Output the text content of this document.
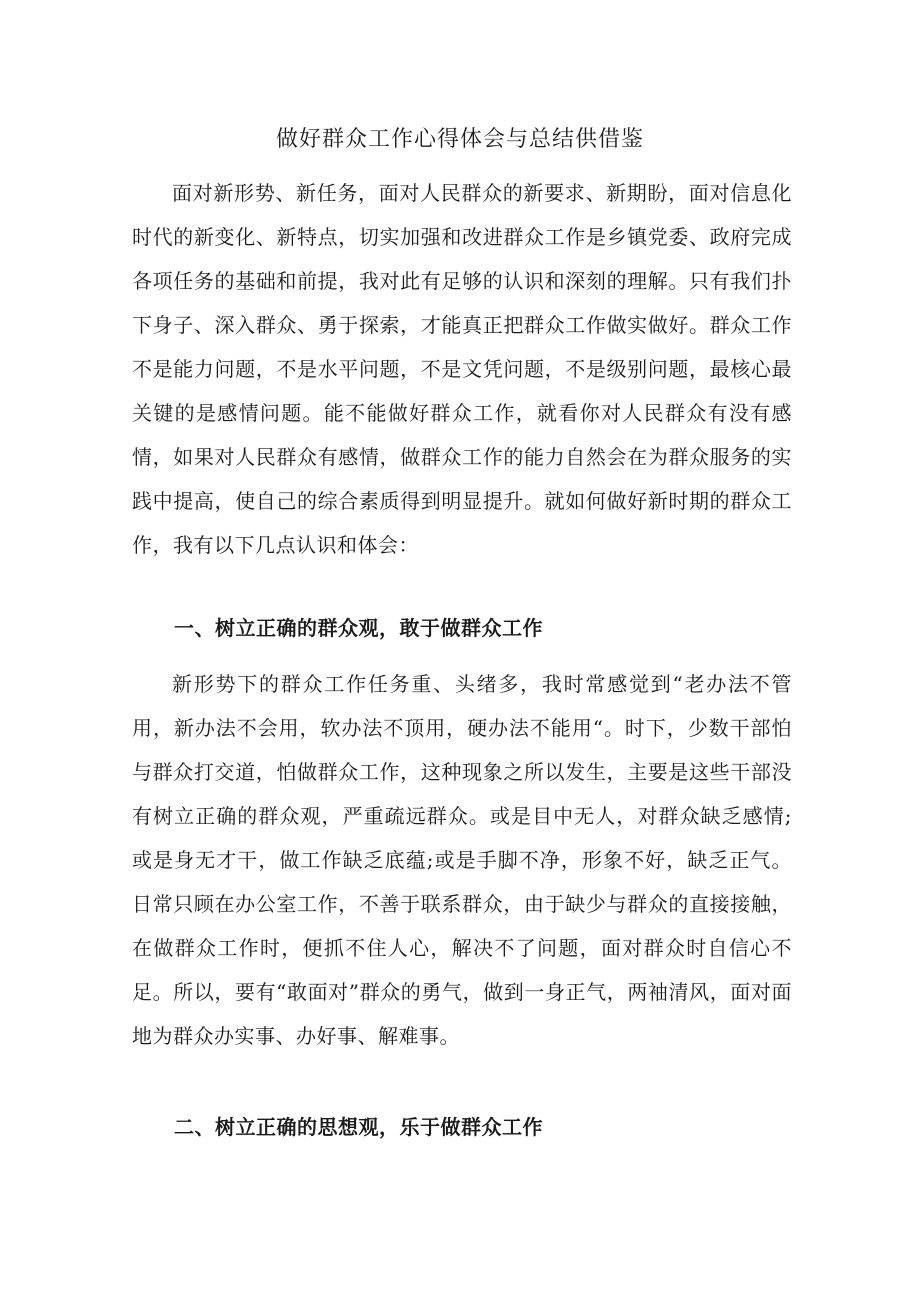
做好群众工作心得体会与总结供借鉴

面对新形势、新任务，面对人民群众的新要求、新期盼，面对信息化时代的新变化、新特点，切实加强和改进群众工作是乡镇党委、政府完成各项任务的基础和前提，我对此有足够的认识和深刻的理解。只有我们扑下身子、深入群众、勇于探索，才能真正把群众工作做实做好。群众工作不是能力问题，不是水平问题，不是文凭问题，不是级别问题，最核心最关键的是感情问题。能不能做好群众工作，就看你对人民群众有没有感情，如果对人民群众有感情，做群众工作的能力自然会在为群众服务的实践中提高，使自己的综合素质得到明显提升。就如何做好新时期的群众工作，我有以下几点认识和体会：

一、树立正确的群众观，敢于做群众工作

新形势下的群众工作任务重、头绪多，我时常感觉到“老办法不管用，新办法不会用，软办法不顶用，硬办法不能用“。时下，少数干部怕与群众打交道，怕做群众工作，这种现象之所以发生，主要是这些干部没有树立正确的群众观，严重疏远群众。或是目中无人，对群众缺乏感情;或是身无才干，做工作缺乏底蕴;或是手脚不净，形象不好，缺乏正气。日常只顾在办公室工作，不善于联系群众，由于缺少与群众的直接接触，在做群众工作时，便抓不住人心，解决不了问题，面对群众时自信心不足。所以，要有“敢面对”群众的勇气，做到一身正气，两袖清风，面对面地为群众办实事、办好事、解难事。

二、树立正确的思想观，乐于做群众工作
